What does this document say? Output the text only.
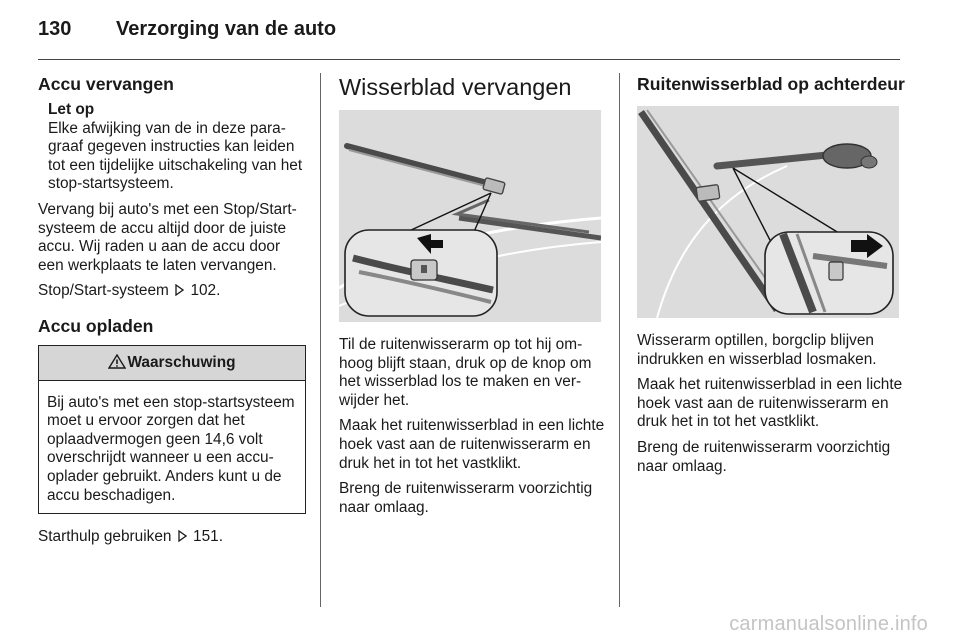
130 Verzorging van de auto
Accu vervangen
Let op
Elke afwijking van de in deze paragraaf gegeven instructies kan leiden tot een tijdelijke uitschakeling van het stop-startsysteem.

Vervang bij auto's met een Stop/Start-systeem de accu altijd door de juiste accu. Wij raden u aan de accu door een werkplaats te laten vervangen.

Stop/Start-systeem 102.

Accu opladen
Waarschuwing
Bij auto's met een stop-startsysteem moet u ervoor zorgen dat het oplaadvermogen geen 14,6 volt overschrijdt wanneer u een accu-oplader gebruikt. Anders kunt u de accu beschadigen.

Starthulp gebruiken 151.

Wisserblad vervangen

Til de ruitenwisserarm op tot hij omhoog blijft staan, druk op de knop om het wisserblad los te maken en verwijder het.

Maak het ruitenwisserblad in een lichte hoek vast aan de ruitenwisserarm en druk het in tot het vastklikt.

Breng de ruitenwisserarm voorzichtig naar omlaag.

Ruitenwisserblad op achterdeur

Wisserarm optillen, borgclip blijven indrukken en wisserblad losmaken.

Maak het ruitenwisserblad in een lichte hoek vast aan de ruitenwisserarm en druk het in tot het vastklikt.

Breng de ruitenwisserarm voorzichtig naar omlaag.

carmanualsonline.info
